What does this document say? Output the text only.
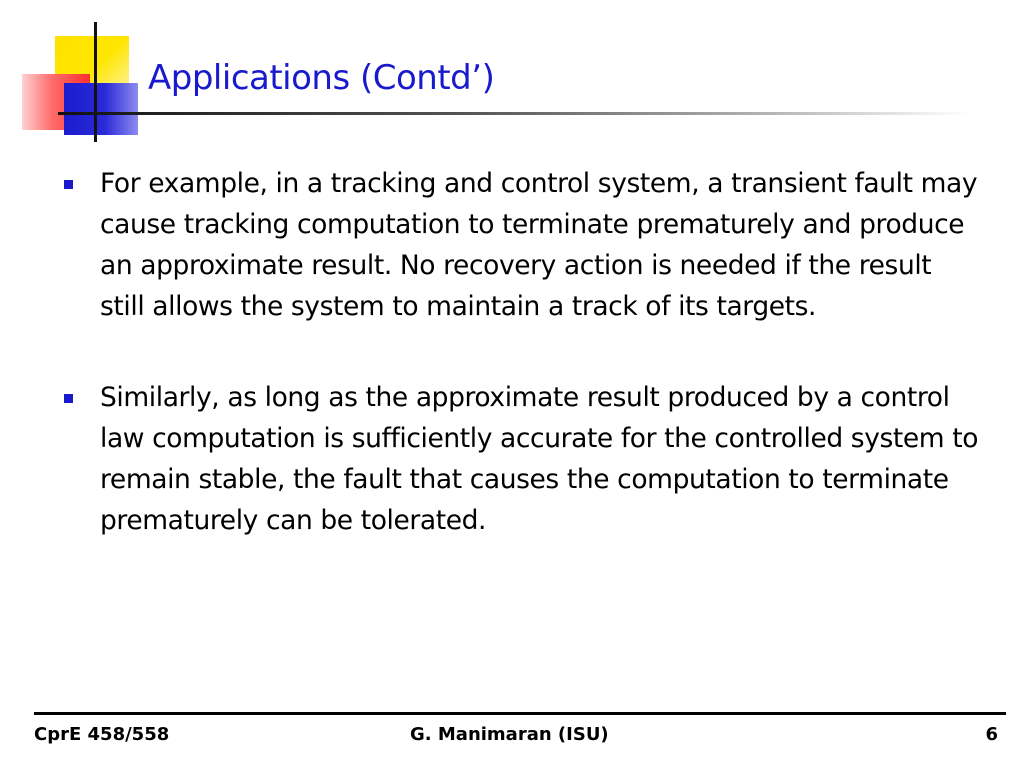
Applications (Contd’)
For example, in a tracking and control system, a transient fault may cause tracking computation to terminate prematurely and produce an approximate result. No recovery action is needed if the result still allows the system to maintain a track of its targets.
Similarly, as long as the approximate result produced by a control law computation is sufficiently accurate for the controlled system to remain stable, the fault that causes the computation to terminate prematurely can be tolerated.
CprE 458/558	G. Manimaran (ISU)	6
